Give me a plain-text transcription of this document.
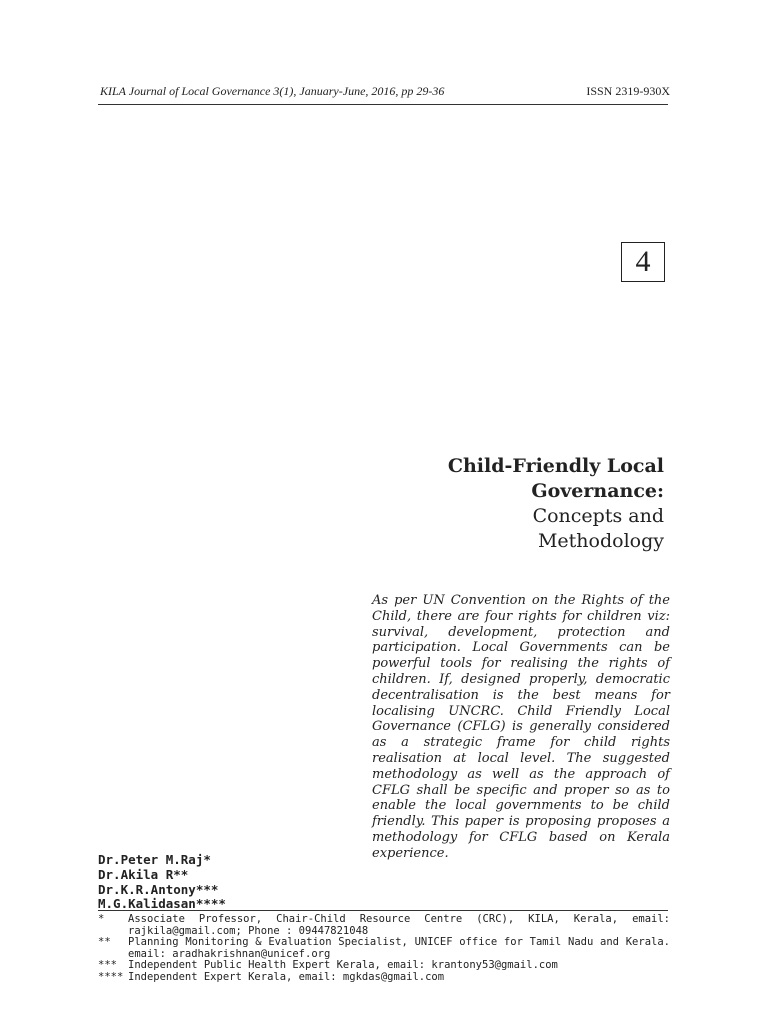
KILA Journal of Local Governance 3(1), January-June, 2016, pp 29-36	ISSN 2319-930X
4
Child-Friendly Local
Governance:
Concepts and
Methodology
As per UN Convention on the Rights of the Child, there are four rights for children viz: survival, development, protection and participation. Local Governments can be powerful tools for realising the rights of children. If, designed properly, democratic decentralisation is the best means for localising UNCRC. Child Friendly Local Governance (CFLG) is generally considered as a strategic frame for child rights realisation at local level. The suggested methodology as well as the approach of CFLG shall be specific and proper so as to enable the local governments to be child friendly. This paper is proposing proposes a methodology for CFLG based on Kerala experience.
Dr.Peter M.Raj*
Dr.Akila R**
Dr.K.R.Antony***
M.G.Kalidasan****
*	Associate Professor, Chair-Child Resource Centre (CRC), KILA, Kerala, email: rajkila@gmail.com; Phone : 09447821048
**	Planning Monitoring & Evaluation Specialist, UNICEF office for Tamil Nadu and Kerala. email: aradhakrishnan@unicef.org
***	Independent Public Health Expert Kerala, email: krantony53@gmail.com
**** Independent Expert Kerala, email: mgkdas@gmail.com
